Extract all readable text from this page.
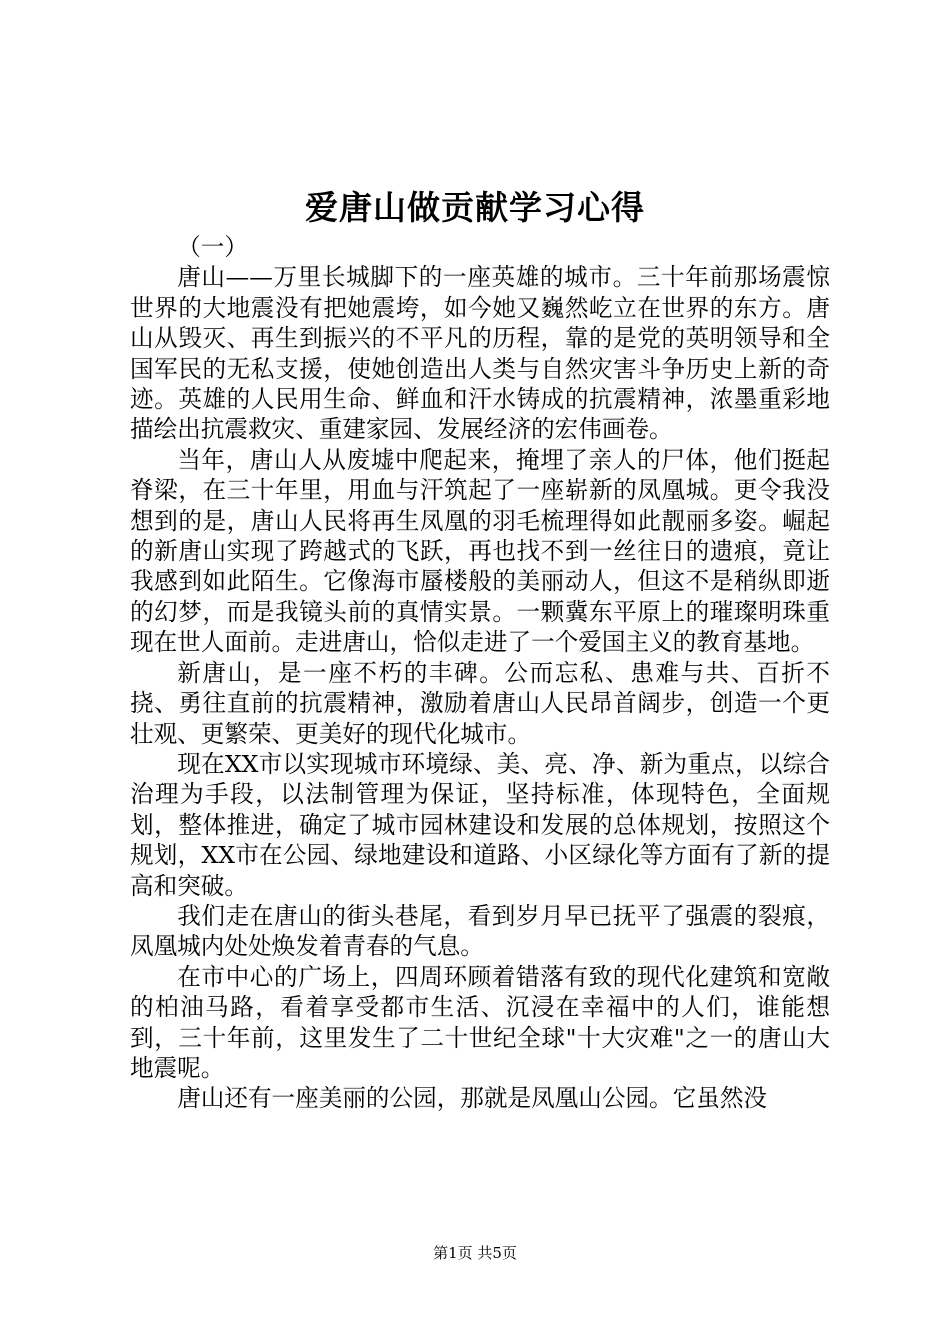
爱唐山做贡献学习心得

（一）

唐山——万里长城脚下的一座英雄的城市。三十年前那场震惊世界的大地震没有把她震垮，如今她又巍然屹立在世界的东方。唐山从毁灭、再生到振兴的不平凡的历程，靠的是党的英明领导和全国军民的无私支援，使她创造出人类与自然灾害斗争历史上新的奇迹。英雄的人民用生命、鲜血和汗水铸成的抗震精神，浓墨重彩地描绘出抗震救灾、重建家园、发展经济的宏伟画卷。

当年，唐山人从废墟中爬起来，掩埋了亲人的尸体，他们挺起脊梁，在三十年里，用血与汗筑起了一座崭新的凤凰城。更令我没想到的是，唐山人民将再生凤凰的羽毛梳理得如此靓丽多姿。崛起的新唐山实现了跨越式的飞跃，再也找不到一丝往日的遗痕，竟让我感到如此陌生。它像海市蜃楼般的美丽动人，但这不是稍纵即逝的幻梦，而是我镜头前的真情实景。一颗冀东平原上的璀璨明珠重现在世人面前。走进唐山，恰似走进了一个爱国主义的教育基地。

新唐山，是一座不朽的丰碑。公而忘私、患难与共、百折不挠、勇往直前的抗震精神，激励着唐山人民昂首阔步，创造一个更壮观、更繁荣、更美好的现代化城市。

现在XX市以实现城市环境绿、美、亮、净、新为重点，以综合治理为手段，以法制管理为保证，坚持标准，体现特色，全面规划，整体推进，确定了城市园林建设和发展的总体规划，按照这个规划，XX市在公园、绿地建设和道路、小区绿化等方面有了新的提高和突破。

我们走在唐山的街头巷尾，看到岁月早已抚平了强震的裂痕，凤凰城内处处焕发着青春的气息。

在市中心的广场上，四周环顾着错落有致的现代化建筑和宽敞的柏油马路，看着享受都市生活、沉浸在幸福中的人们，谁能想到，三十年前，这里发生了二十世纪全球"十大灾难"之一的唐山大地震呢。

唐山还有一座美丽的公园，那就是凤凰山公园。它虽然没

第1页 共5页
